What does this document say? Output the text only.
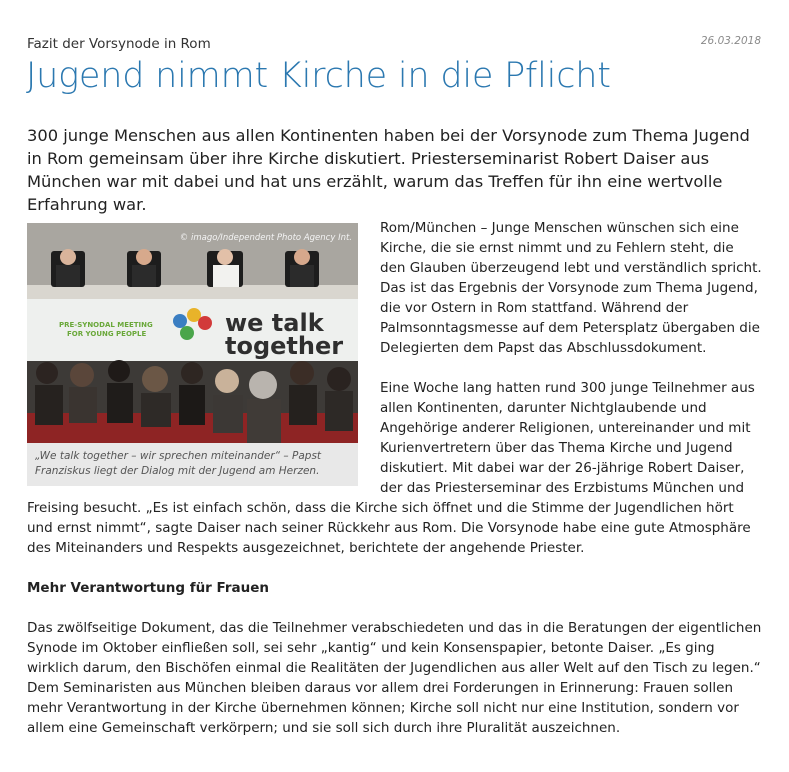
Fazit der Vorsynode in Rom	26.03.2018
Jugend nimmt Kirche in die Pflicht
300 junge Menschen aus allen Kontinenten haben bei der Vorsynode zum Thema Jugend in Rom gemeinsam über ihre Kirche diskutiert. Priesterseminarist Robert Daiser aus München war mit dabei und hat uns erzählt, warum das Treffen für ihn eine wertvolle Erfahrung war.
PRE-SYNODAL MEETING
FOR YOUNG PEOPLE	we talk
together
© imago/Independent Photo Agency Int.
„We talk together – wir sprechen miteinander“ – Papst Franziskus liegt der Dialog mit der Jugend am Herzen.

Rom/München – Junge Menschen wünschen sich eine Kirche, die sie ernst nimmt und zu Fehlern steht, die den Glauben überzeugend lebt und verständlich spricht. Das ist das Ergebnis der Vorsynode zum Thema Jugend, die vor Ostern in Rom stattfand. Während der Palmsonntagsmesse auf dem Petersplatz übergaben die Delegierten dem Papst das Abschlussdokument.

Eine Woche lang hatten rund 300 junge Teilnehmer aus allen Kontinenten, darunter Nichtglaubende und Angehörige anderer Religionen, untereinander und mit Kurienvertretern über das Thema Kirche und Jugend diskutiert. Mit dabei war der 26-jährige Robert Daiser, der das Priesterseminar des Erzbistums München und Freising besucht. „Es ist einfach schön, dass die Kirche sich öffnet und die Stimme der Jugendlichen hört und ernst nimmt“, sagte Daiser nach seiner Rückkehr aus Rom. Die Vorsynode habe eine gute Atmosphäre des Miteinanders und Respekts ausgezeichnet, berichtete der angehende Priester.

Mehr Verantwortung für Frauen

Das zwölfseitige Dokument, das die Teilnehmer verabschiedeten und das in die Beratungen der eigentlichen Synode im Oktober einfließen soll, sei sehr „kantig“ und kein Konsenspapier, betonte Daiser. „Es ging wirklich darum, den Bischöfen einmal die Realitäten der Jugendlichen aus aller Welt auf den Tisch zu legen.“ Dem Seminaristen aus München bleiben daraus vor allem drei Forderungen in Erinnerung: Frauen sollen mehr Verantwortung in der Kirche übernehmen können; Kirche soll nicht nur eine Institution, sondern vor allem eine Gemeinschaft verkörpern; und sie soll sich durch ihre Pluralität auszeichnen.
